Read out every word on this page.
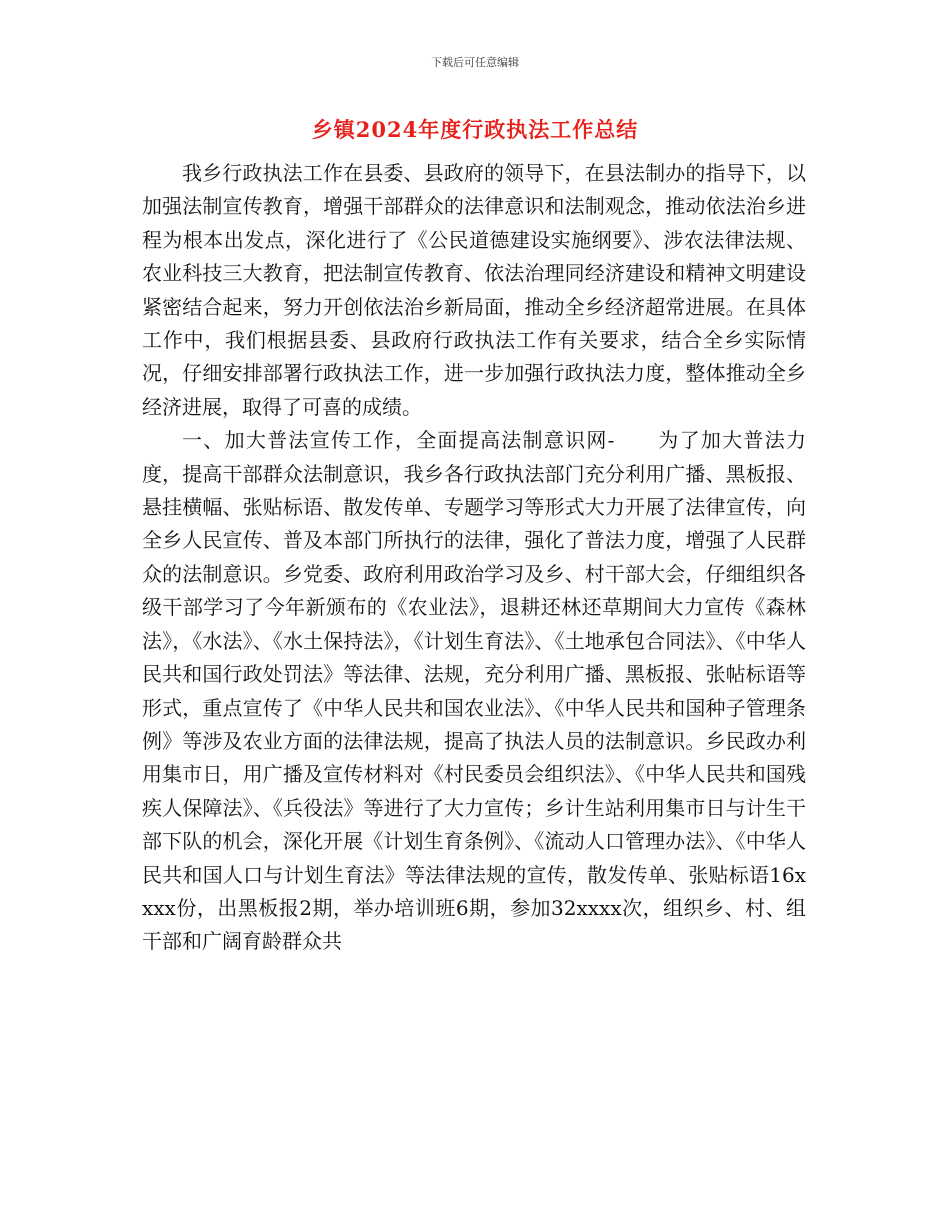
下载后可任意编辑
乡镇2024年度行政执法工作总结

我乡行政执法工作在县委、县政府的领导下，在县法制办的指导下，以加强法制宣传教育，增强干部群众的法律意识和法制观念，推动依法治乡进程为根本出发点，深化进行了《公民道德建设实施纲要》、涉农法律法规、农业科技三大教育，把法制宣传教育、依法治理同经济建设和精神文明建设紧密结合起来，努力开创依法治乡新局面，推动全乡经济超常进展。在具体工作中，我们根据县委、县政府行政执法工作有关要求，结合全乡实际情况，仔细安排部署行政执法工作，进一步加强行政执法力度，整体推动全乡经济进展，取得了可喜的成绩。

一、加大普法宣传工作，全面提高法制意识网-　　为了加大普法力度，提高干部群众法制意识，我乡各行政执法部门充分利用广播、黑板报、悬挂横幅、张贴标语、散发传单、专题学习等形式大力开展了法律宣传，向全乡人民宣传、普及本部门所执行的法律，强化了普法力度，增强了人民群众的法制意识。乡党委、政府利用政治学习及乡、村干部大会，仔细组织各级干部学习了今年新颁布的《农业法》，退耕还林还草期间大力宣传《森林法》，《水法》、《水土保持法》，《计划生育法》、《土地承包合同法》、《中华人民共和国行政处罚法》等法律、法规，充分利用广播、黑板报、张帖标语等形式，重点宣传了《中华人民共和国农业法》、《中华人民共和国种子管理条例》等涉及农业方面的法律法规，提高了执法人员的法制意识。乡民政办利用集市日，用广播及宣传材料对《村民委员会组织法》、《中华人民共和国残疾人保障法》、《兵役法》等进行了大力宣传；乡计生站利用集市日与计生干部下队的机会，深化开展《计划生育条例》、《流动人口管理办法》、《中华人民共和国人口与计划生育法》等法律法规的宣传，散发传单、张贴标语16xxxx份，出黑板报2期，举办培训班6期，参加32xxxx次，组织乡、村、组干部和广阔育龄群众共
